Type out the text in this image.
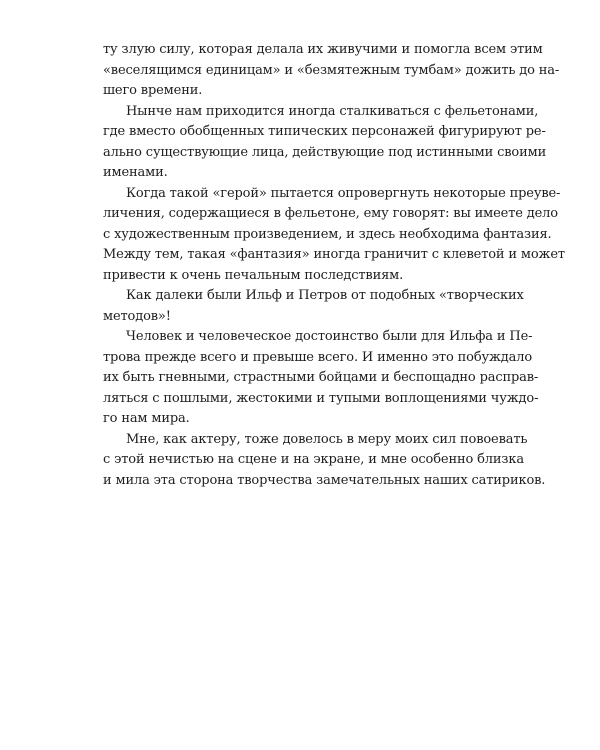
ту злую силу, которая делала их живучими и помогла всем этим
«веселящимся единицам» и «безмятежным тумбам» дожить до на-
шего времени.

Нынче нам приходится иногда сталкиваться с фельетонами,
где вместо обобщенных типических персонажей фигурируют ре-
ально существующие лица, действующие под истинными своими
именами.

Когда такой «герой» пытается опровергнуть некоторые преуве-
личения, содержащиеся в фельетоне, ему говорят: вы имеете дело
с художественным произведением, и здесь необходима фантазия.
Между тем, такая «фантазия» иногда граничит с клеветой и может
привести к очень печальным последствиям.

Как далеки были Ильф и Петров от подобных «творческих
методов»!

Человек и человеческое достоинство были для Ильфа и Пе-
трова прежде всего и превыше всего. И именно это побуждало
их быть гневными, страстными бойцами и беспощадно расправ-
ляться с пошлыми, жестокими и тупыми воплощениями чуждо-
го нам мира.

Мне, как актеру, тоже довелось в меру моих сил повоевать
с этой нечистью на сцене и на экране, и мне особенно близка
и мила эта сторона творчества замечательных наших сатириков.
